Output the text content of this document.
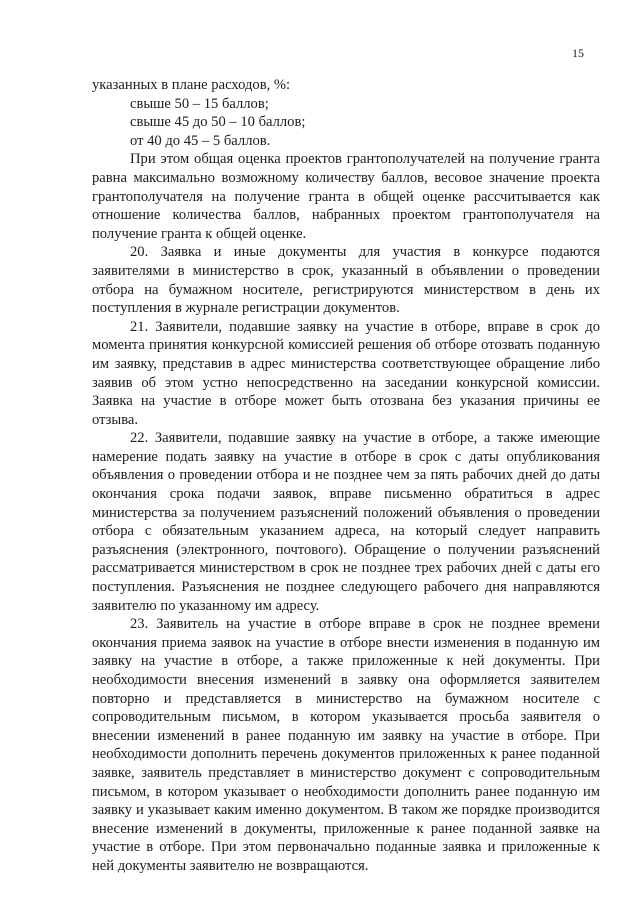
15

указанных в плане расходов, %:

свыше 50 – 15 баллов;

свыше 45 до 50 – 10 баллов;

от 40 до 45 – 5 баллов.

При этом общая оценка проектов грантополучателей на получение гранта равна максимально возможному количеству баллов, весовое значение проекта грантополучателя на получение гранта в общей оценке рассчитывается как отношение количества баллов, набранных проектом грантополучателя на получение гранта к общей оценке.

20. Заявка и иные документы для участия в конкурсе подаются заявителями в министерство в срок, указанный в объявлении о проведении отбора на бумажном носителе, регистрируются министерством в день их поступления в журнале регистрации документов.

21. Заявители, подавшие заявку на участие в отборе, вправе в срок до момента принятия конкурсной комиссией решения об отборе отозвать поданную им заявку, представив в адрес министерства соответствующее обращение либо заявив об этом устно непосредственно на заседании конкурсной комиссии. Заявка на участие в отборе может быть отозвана без указания причины ее отзыва.

22. Заявители, подавшие заявку на участие в отборе, а также имеющие намерение подать заявку на участие в отборе в срок с даты опубликования объявления о проведении отбора и не позднее чем за пять рабочих дней до даты окончания срока подачи заявок, вправе письменно обратиться в адрес министерства за получением разъяснений положений объявления о проведении отбора с обязательным указанием адреса, на который следует направить разъяснения (электронного, почтового). Обращение о получении разъяснений рассматривается министерством в срок не позднее трех рабочих дней с даты его поступления. Разъяснения не позднее следующего рабочего дня направляются заявителю по указанному им адресу.

23. Заявитель на участие в отборе вправе в срок не позднее времени окончания приема заявок на участие в отборе внести изменения в поданную им заявку на участие в отборе, а также приложенные к ней документы. При необходимости внесения изменений в заявку она оформляется заявителем повторно и представляется в министерство на бумажном носителе с сопроводительным письмом, в котором указывается просьба заявителя о внесении изменений в ранее поданную им заявку на участие в отборе. При необходимости дополнить перечень документов приложенных к ранее поданной заявке, заявитель представляет в министерство документ с сопроводительным письмом, в котором указывает о необходимости дополнить ранее поданную им заявку и указывает каким именно документом. В таком же порядке производится внесение изменений в документы, приложенные к ранее поданной заявке на участие в отборе. При этом первоначально поданные заявка и приложенные к ней документы заявителю не возвращаются.
